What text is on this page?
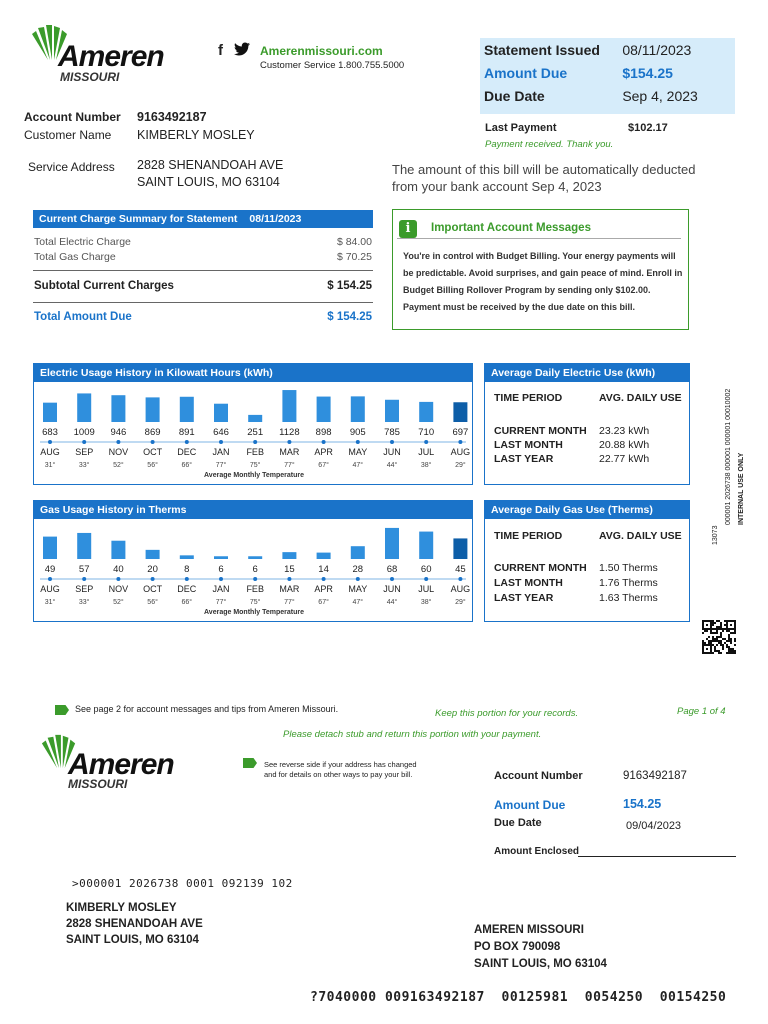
Ameren
MISSOURI
f	Amerenmissouri.com
Customer Service 1.800.755.5000
Statement Issued	08/11/2023
Amount Due	$154.25
Due Date	Sep 4, 2023
Last Payment	$102.17
Payment received. Thank you.
Account Number 9163492187
Customer Name KIMBERLY MOSLEY
Service Address 2828 SHENANDOAH AVE
SAINT LOUIS, MO 63104
The amount of this bill will be automatically deducted
from your bank account Sep 4, 2023
Current Charge Summary for Statement 08/11/2023
Total Electric Charge	$ 84.00
Total Gas Charge	$ 70.25
Subtotal Current Charges	$ 154.25
Total Amount Due	$ 154.25
i	Important Account Messages
You're in control with Budget Billing. Your energy payments will
be predictable. Avoid surprises, and gain peace of mind. Enroll in
Budget Billing Rollover Program by sending only $102.00.
Payment must be received by the due date on this bill.
Electric Usage History in Kilowatt Hours (kWh)
683
AUG
31°
1009
SEP
33°
946
NOV
52°
869
OCT
56°
891
DEC
66°
646
JAN
77°
251
FEB
75°
1128
MAR
77°
898
APR
67°
905
MAY
47°
785
JUN
44°
710
JUL
38°
697
AUG
29°
Average Monthly Temperature
Average Daily Electric Use (kWh)
TIME PERIOD	AVG. DAILY USE
CURRENT MONTH	23.23 kWh
LAST MONTH	20.88 kWh
LAST YEAR	22.77 kWh
Gas Usage History in Therms
49
AUG
31°
57
SEP
33°
40
NOV
52°
20
OCT
56°
8
DEC
66°
6
JAN
77°
6
FEB
75°
15
MAR
77°
14
APR
67°
28
MAY
47°
68
JUN
44°
60
JUL
38°
45
AUG
29°
Average Monthly Temperature
Average Daily Gas Use (Therms)
TIME PERIOD	AVG. DAILY USE
CURRENT MONTH	1.50 Therms
LAST MONTH	1.76 Therms
LAST YEAR	1.63 Therms
13073
000001 2026738 000001 000001 00010002 INTERNAL USE ONLY
See page 2 for account messages and tips from Ameren Missouri.	Keep this portion for your records.	Page 1 of 4
Please detach stub and return this portion with your payment.
Ameren
MISSOURI
See reverse side if your address has changed
and for details on other ways to pay your bill.	Account Number	9163492187
Amount Due	154.25
Due Date	09/04/2023
Amount Enclosed
>000001 2026738 0001 092139 102
KIMBERLY MOSLEY
2828 SHENANDOAH AVE
SAINT LOUIS, MO 63104
AMEREN MISSOURI
PO BOX 790098
SAINT LOUIS, MO 63104
?7040000 009163492187  00125981  0054250  00154250
